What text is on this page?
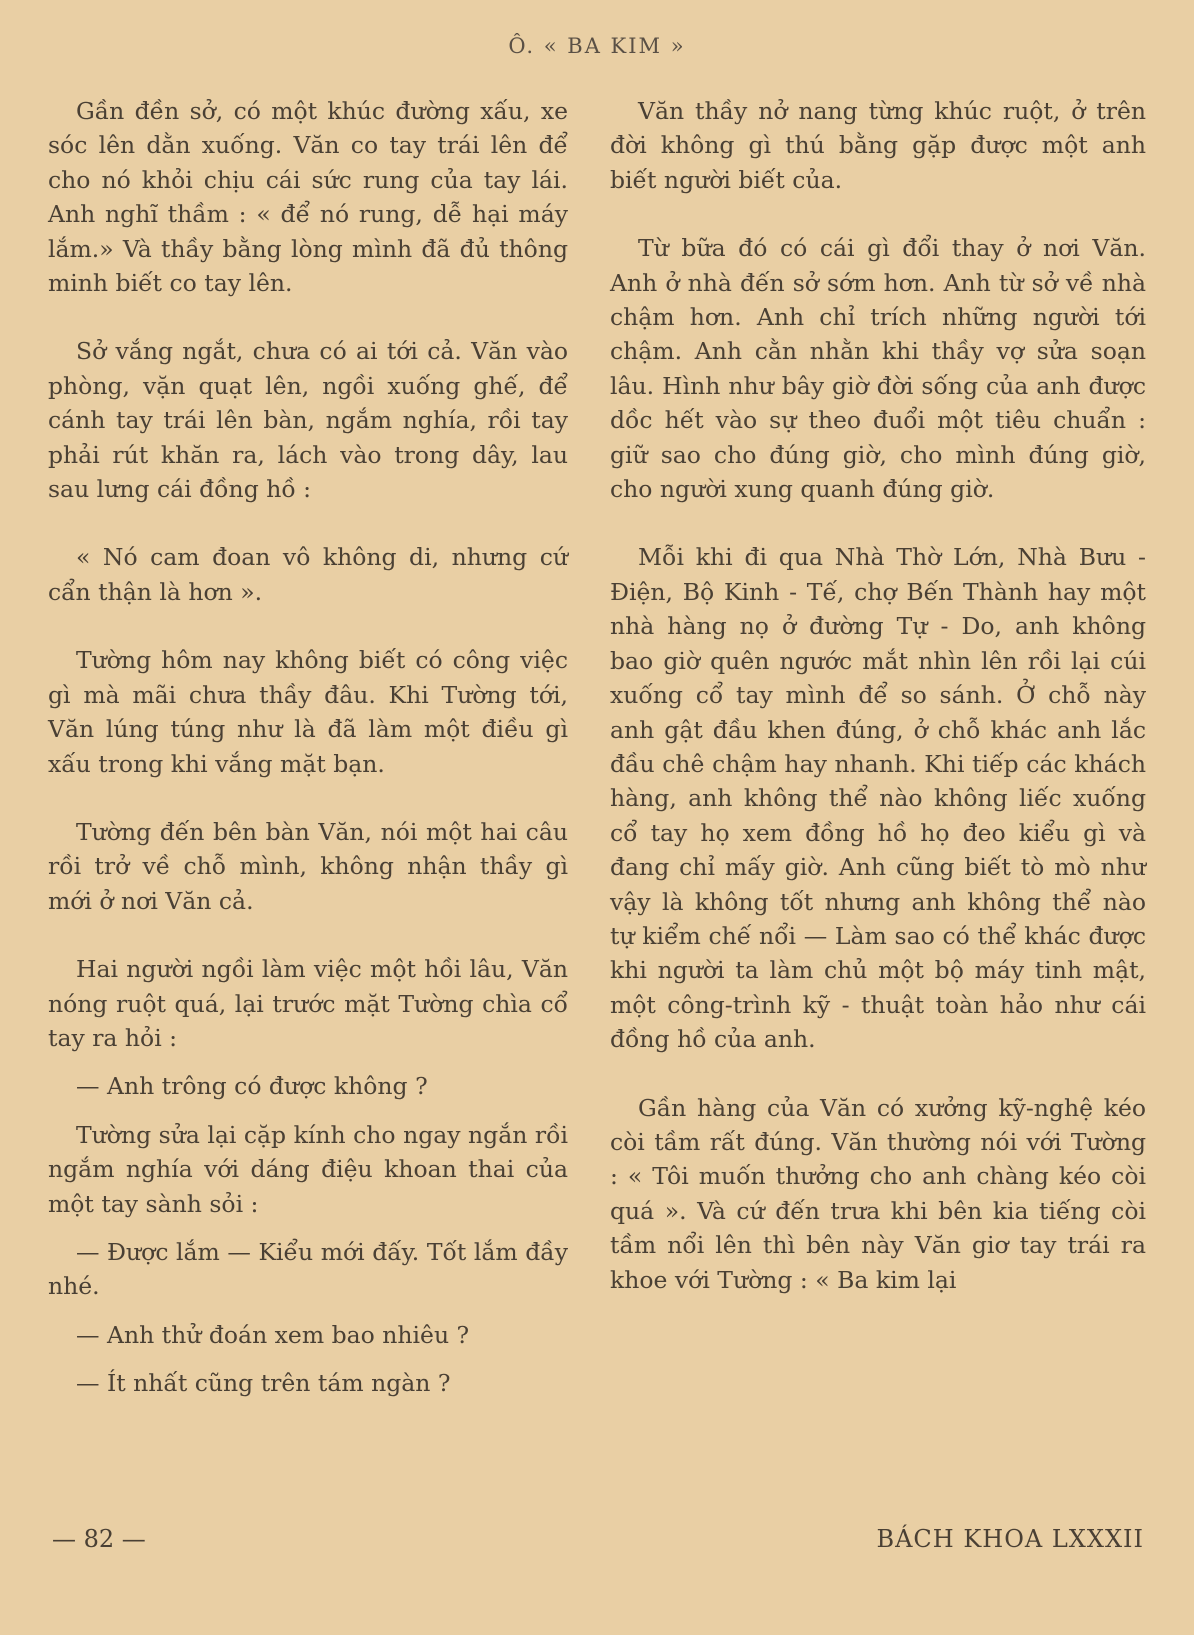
Ô. « BA KIM »

Gần đền sở, có một khúc đường xấu, xe sóc lên dằn xuống. Văn co tay trái lên để cho nó khỏi chịu cái sức rung của tay lái. Anh nghĩ thầm : « để nó rung, dễ hại máy lắm.» Và thầy bằng lòng mình đã đủ thông minh biết co tay lên.

Sở vắng ngắt, chưa có ai tới cả. Văn vào phòng, vặn quạt lên, ngồi xuống ghế, để cánh tay trái lên bàn, ngắm nghía, rồi tay phải rút khăn ra, lách vào trong dây, lau sau lưng cái đồng hồ :

« Nó cam đoan vô không di, nhưng cứ cẩn thận là hơn ».

Tường hôm nay không biết có công việc gì mà mãi chưa thầy đâu. Khi Tường tới, Văn lúng túng như là đã làm một điều gì xấu trong khi vắng mặt bạn.

Tường đến bên bàn Văn, nói một hai câu rồi trở về chỗ mình, không nhận thầy gì mới ở nơi Văn cả.

Hai người ngồi làm việc một hồi lâu, Văn nóng ruột quá, lại trước mặt Tường chìa cổ tay ra hỏi :

— Anh trông có được không ?

Tường sửa lại cặp kính cho ngay ngắn rồi ngắm nghía với dáng điệu khoan thai của một tay sành sỏi :

— Được lắm — Kiểu mới đấy. Tốt lắm đầy nhé.

— Anh thử đoán xem bao nhiêu ?

— Ít nhất cũng trên tám ngàn ?

Văn thầy nở nang từng khúc ruột, ở trên đời không gì thú bằng gặp được một anh biết người biết của.

Từ bữa đó có cái gì đổi thay ở nơi Văn. Anh ở nhà đến sở sớm hơn. Anh từ sở về nhà chậm hơn. Anh chỉ trích những người tới chậm. Anh cằn nhằn khi thầy vợ sửa soạn lâu. Hình như bây giờ đời sống của anh được dồc hết vào sự theo đuổi một tiêu chuẩn : giữ sao cho đúng giờ, cho mình đúng giờ, cho người xung quanh đúng giờ.

Mỗi khi đi qua Nhà Thờ Lớn, Nhà Bưu - Điện, Bộ Kinh - Tế, chợ Bến Thành hay một nhà hàng nọ ở đường Tự - Do, anh không bao giờ quên ngước mắt nhìn lên rồi lại cúi xuống cổ tay mình để so sánh. Ở chỗ này anh gật đầu khen đúng, ở chỗ khác anh lắc đầu chê chậm hay nhanh. Khi tiếp các khách hàng, anh không thể nào không liếc xuống cổ tay họ xem đồng hồ họ đeo kiểu gì và đang chỉ mấy giờ. Anh cũng biết tò mò như vậy là không tốt nhưng anh không thể nào tự kiểm chế nổi — Làm sao có thể khác được khi người ta làm chủ một bộ máy tinh mật, một công-trình kỹ - thuật toàn hảo như cái đồng hồ của anh.

Gần hàng của Văn có xưởng kỹ-nghệ kéo còi tầm rất đúng. Văn thường nói với Tường : « Tôi muốn thưởng cho anh chàng kéo còi quá ». Và cứ đến trưa khi bên kia tiếng còi tầm nổi lên thì bên này Văn giơ tay trái ra khoe với Tường : « Ba kim lại

— 82 —	BÁCH KHOA LXXXII
